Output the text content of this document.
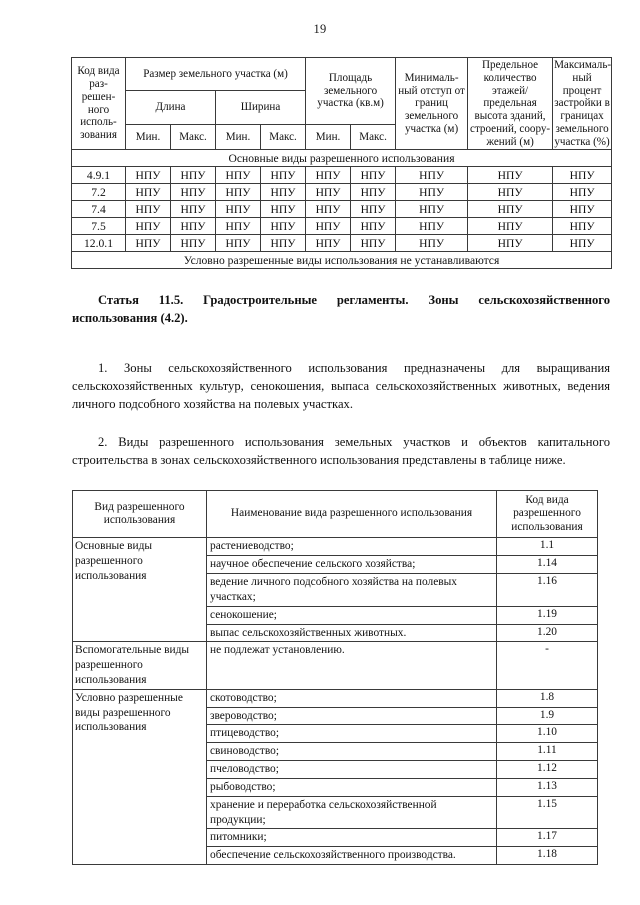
19
Код вида раз-решен-ного исполь-зования	Размер земельного участка (м)				Площадь земельного участка (кв.м)		Минималь-ный отступ от границ земельного участка (м)	Предельное количество этажей/ предельная высота зданий, строений, соору-жений (м)	Максималь-ный процент застройки в границах земельного участка (%)
	Длина		Ширина						
	Мин.	Макс.	Мин.	Макс.	Мин.	Макс.			
Основные виды разрешенного использования									
4.9.1	НПУ	НПУ	НПУ	НПУ	НПУ	НПУ	НПУ	НПУ	НПУ
7.2	НПУ	НПУ	НПУ	НПУ	НПУ	НПУ	НПУ	НПУ	НПУ
7.4	НПУ	НПУ	НПУ	НПУ	НПУ	НПУ	НПУ	НПУ	НПУ
7.5	НПУ	НПУ	НПУ	НПУ	НПУ	НПУ	НПУ	НПУ	НПУ
12.0.1	НПУ	НПУ	НПУ	НПУ	НПУ	НПУ	НПУ	НПУ	НПУ
Условно разрешенные виды использования не устанавливаются									
Статья 11.5. Градостроительные регламенты. Зоны сельскохозяйственного использования (4.2).
1. Зоны сельскохозяйственного использования предназначены для выращивания сельскохозяйственных культур, сенокошения, выпаса сельскохозяйственных животных, ведения личного подсобного хозяйства на полевых участках.
2. Виды разрешенного использования земельных участков и объектов капитального строительства в зонах сельскохозяйственного использования представлены в таблице ниже.
Вид разрешенного использования	Наименование вида разрешенного использования	Код вида разрешенного использования
Основные виды разрешенного использования	растениеводство;	1.1
	научное обеспечение сельского хозяйства;	1.14
	ведение личного подсобного хозяйства на полевых участках;	1.16
	сенокошение;	1.19
	выпас сельскохозяйственных животных.	1.20
Вспомогательные виды разрешенного использования	не подлежат установлению.	-
Условно разрешенные виды разрешенного использования	скотоводство;	1.8
	звероводство;	1.9
	птицеводство;	1.10
	свиноводство;	1.11
	пчеловодство;	1.12
	рыбоводство;	1.13
	хранение и переработка сельскохозяйственной продукции;	1.15
	питомники;	1.17
	обеспечение сельскохозяйственного производства.	1.18
